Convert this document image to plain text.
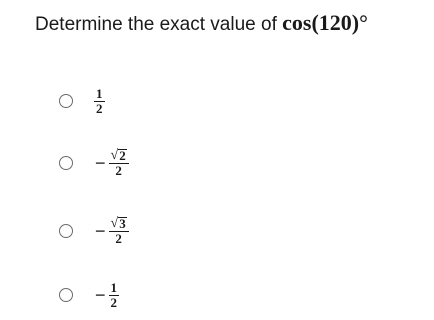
Determine the exact value of cos(120)°
$\frac{1}{2}$
− $\frac{√ 2}{2}$
− $\frac{√ 3}{2}$
− $\frac{1}{2}$
